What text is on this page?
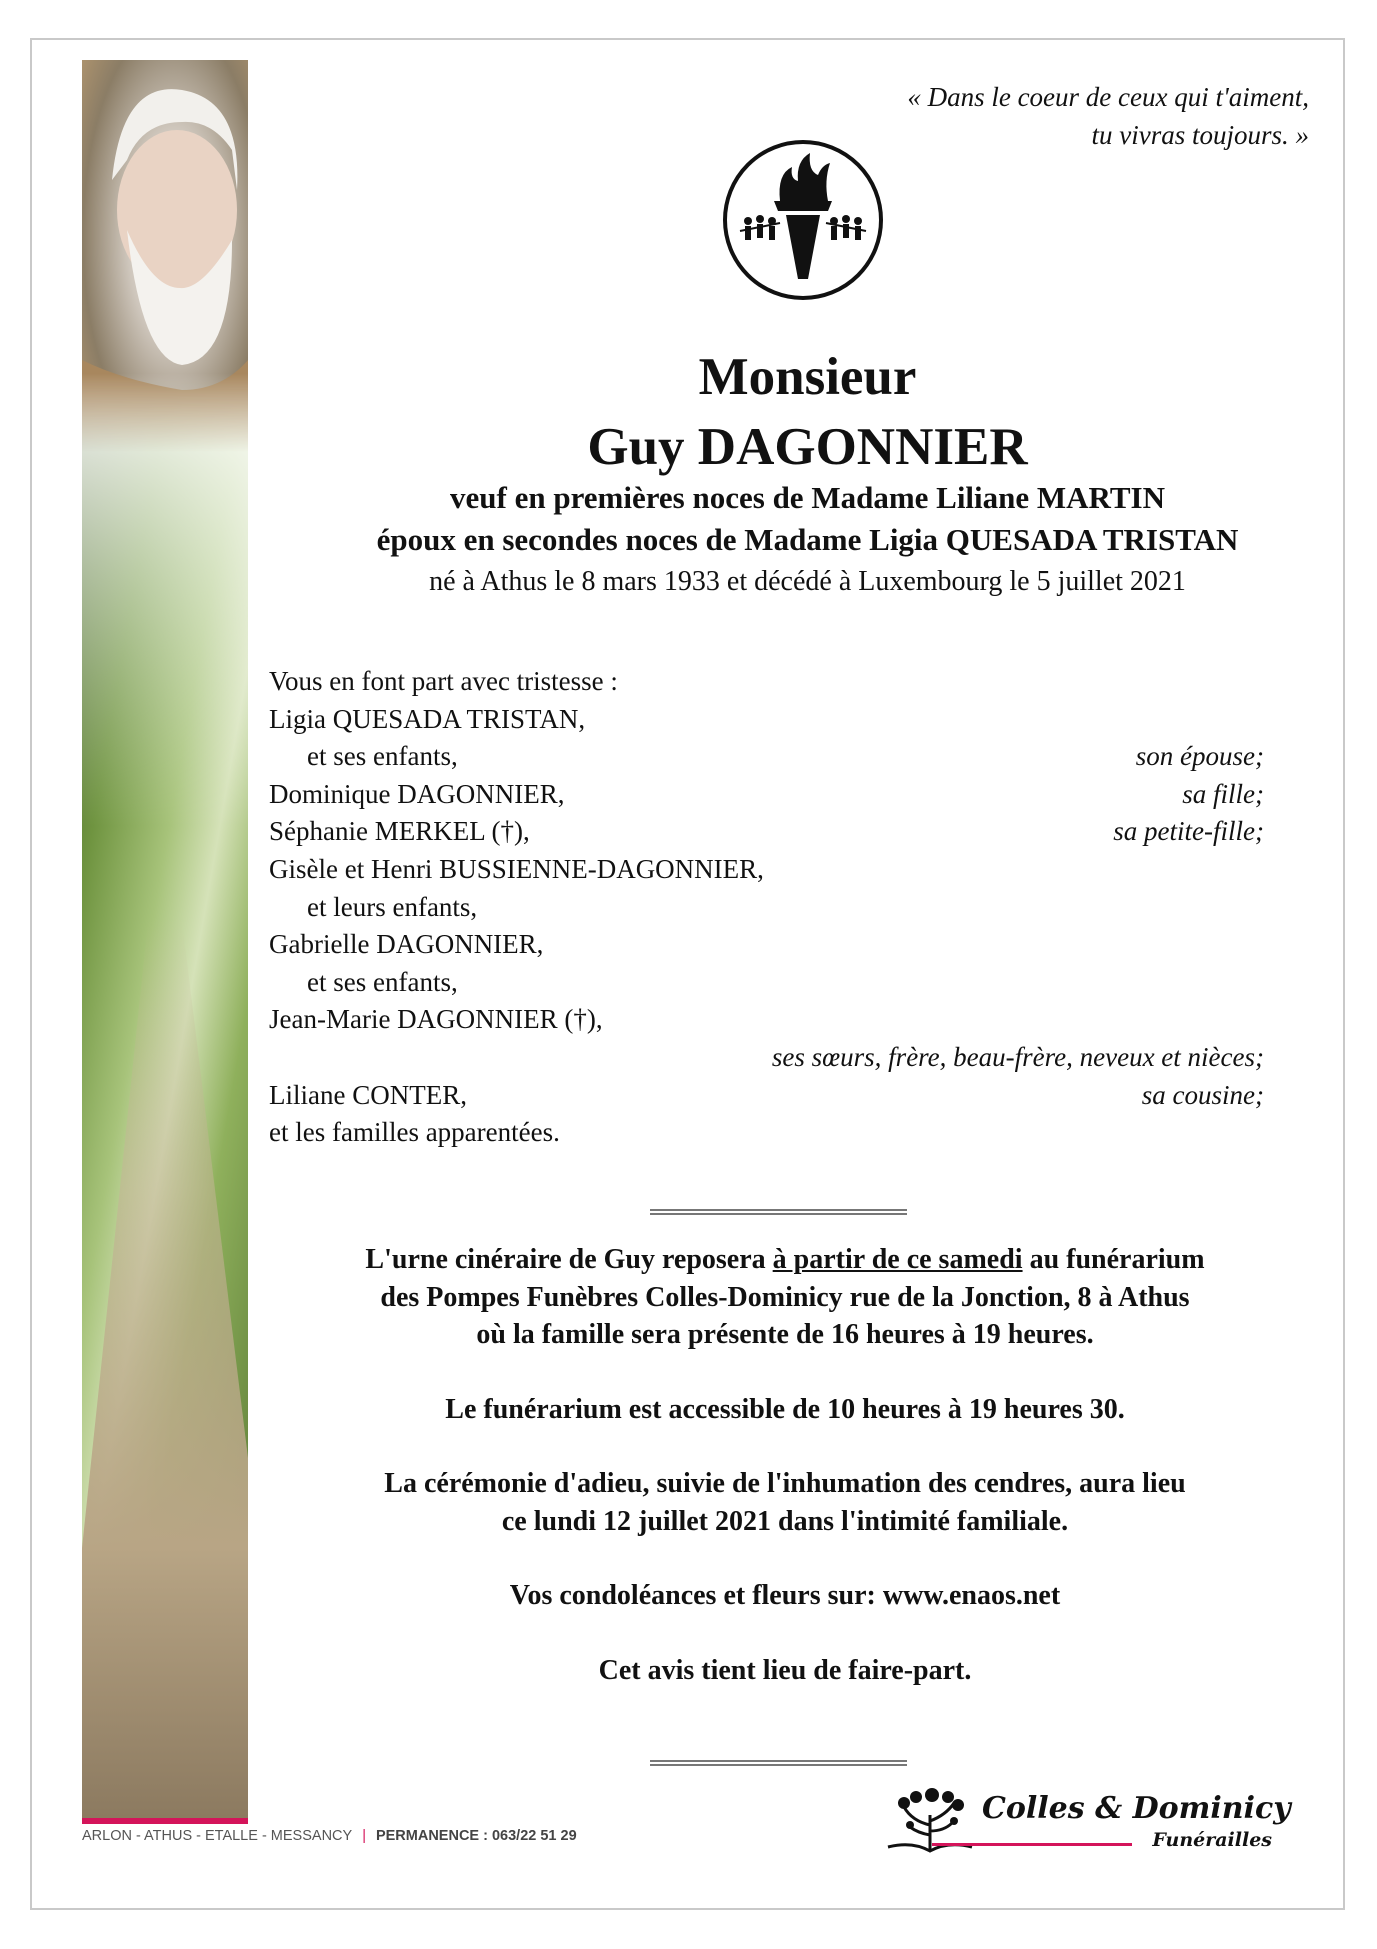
« Dans le coeur de ceux qui t'aiment,
tu vivras toujours. »
Monsieur
Guy DAGONNIER
veuf en premières noces de Madame Liliane MARTIN
époux en secondes noces de Madame Ligia QUESADA TRISTAN
né à Athus le 8 mars 1933 et décédé à Luxembourg le 5 juillet 2021
Vous en font part avec tristesse :
Ligia QUESADA TRISTAN,
et ses enfants,	son épouse;
Dominique DAGONNIER,	sa fille;
Séphanie MERKEL (†),	sa petite-fille;
Gisèle et Henri BUSSIENNE-DAGONNIER,
et leurs enfants,
Gabrielle DAGONNIER,
et ses enfants,
Jean-Marie DAGONNIER (†),
ses sœurs, frère, beau-frère, neveux et nièces;
Liliane CONTER,	sa cousine;
et les familles apparentées.
L'urne cinéraire de Guy reposera à partir de ce samedi au funérarium
des Pompes Funèbres Colles-Dominicy rue de la Jonction, 8 à Athus
où la famille sera présente de 16 heures à 19 heures.
Le funérarium est accessible de 10 heures à 19 heures 30.
La cérémonie d'adieu, suivie de l'inhumation des cendres, aura lieu
ce lundi 12 juillet 2021 dans l'intimité familiale.
Vos condoléances et fleurs sur: www.enaos.net
Cet avis tient lieu de faire-part.
ARLON - ATHUS - ETALLE - MESSANCY | PERMANENCE : 063/22 51 29
Colles & Dominicy
Funérailles
